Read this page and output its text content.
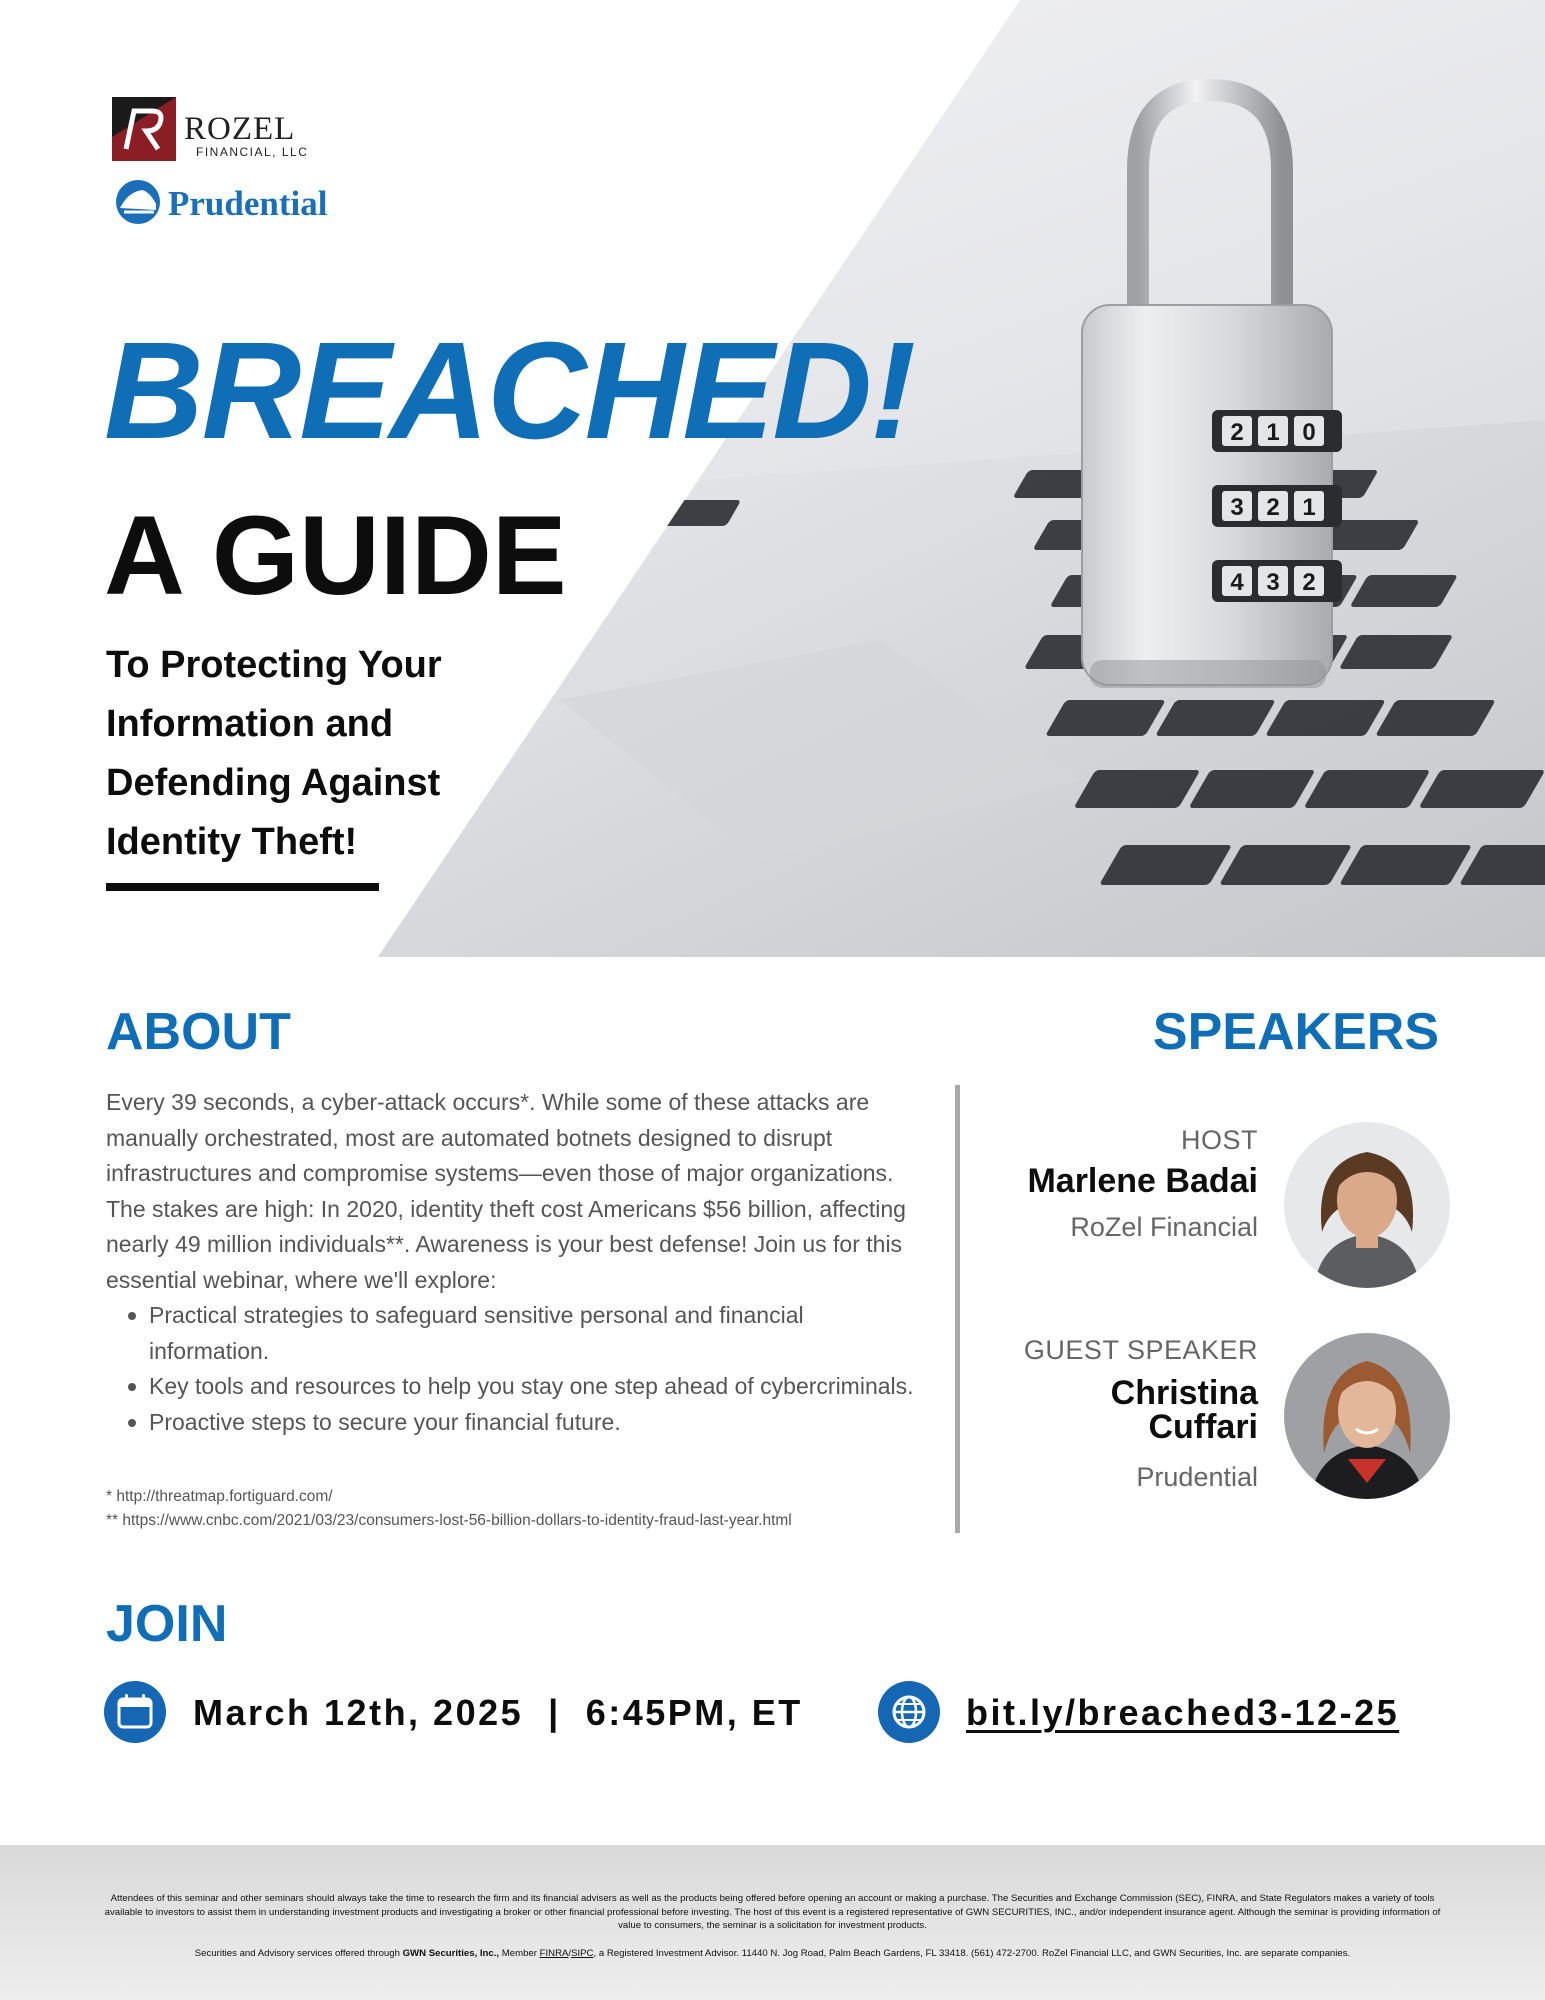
2 1 0
3 2 1
4 3 2
ROZEL
FINANCIAL, LLC
Prudential
BREACHED!
A GUIDE
To Protecting Your
Information and
Defending Against
Identity Theft!
ABOUT

Every 39 seconds, a cyber-attack occurs*. While some of these attacks are manually orchestrated, most are automated botnets designed to disrupt infrastructures and compromise systems—even those of major organizations. The stakes are high: In 2020, identity theft cost Americans $56 billion, affecting nearly 49 million individuals**. Awareness is your best defense! Join us for this essential webinar, where we'll explore:

Practical strategies to safeguard sensitive personal and financial information.
Key tools and resources to help you stay one step ahead of cybercriminals.
Proactive steps to secure your financial future.
* http://threatmap.fortiguard.com/
** https://www.cnbc.com/2021/03/23/consumers-lost-56-billion-dollars-to-identity-fraud-last-year.html
SPEAKERS
HOST
Marlene Badai
RoZel Financial
GUEST SPEAKER
Christina
Cuffari
Prudential
JOIN
March 12th, 2025  |  6:45PM, ET	bit.ly/breached3-12-25
Attendees of this seminar and other seminars should always take the time to research the firm and its financial advisers as well as the products being offered before opening an account or making a purchase. The Securities and Exchange Commission (SEC), FINRA, and State Regulators makes a variety of tools available to investors to assist them in understanding investment products and investigating a broker or other financial professional before investing. The host of this event is a registered representative of GWN SECURITIES, INC., and/or independent insurance agent. Although the seminar is providing information of value to consumers, the seminar is a solicitation for investment products.
Securities and Advisory services offered through GWN Securities, Inc., Member FINRA/SIPC, a Registered Investment Advisor. 11440 N. Jog Road, Palm Beach Gardens, FL 33418. (561) 472-2700. RoZel Financial LLC, and GWN Securities, Inc. are separate companies.
